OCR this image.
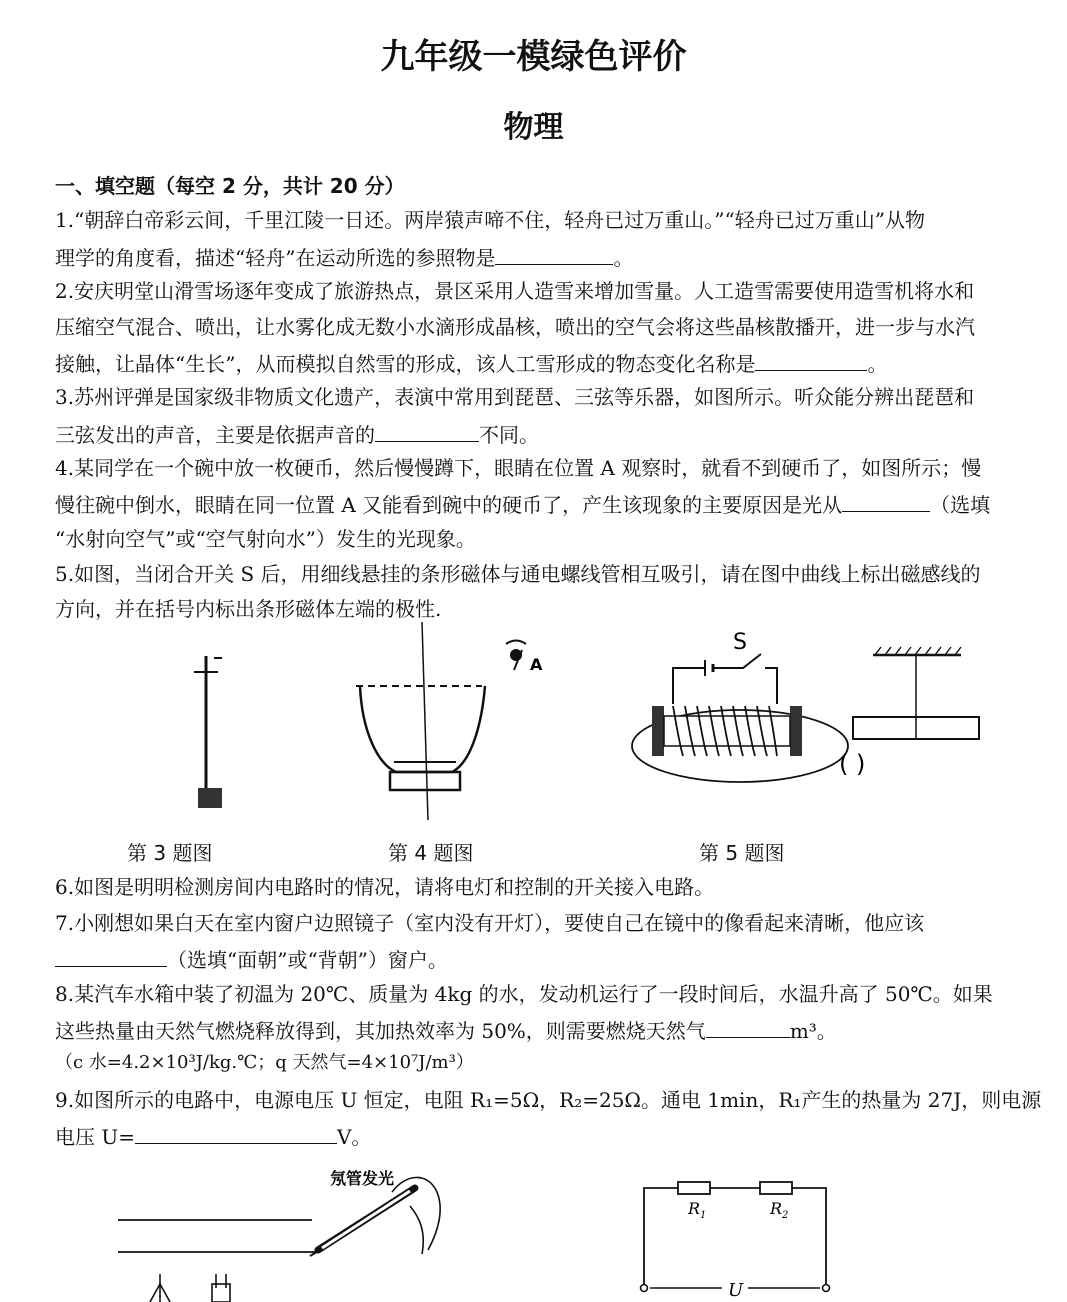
九年级一模绿色评价
物理
一、填空题（每空 2 分，共计 20 分）
1.“朝辞白帝彩云间，千里江陵一日还。两岸猿声啼不住，轻舟已过万重山。”“轻舟已过万重山”从物
理学的角度看，描述“轻舟”在运动所选的参照物是	。
2.安庆明堂山滑雪场逐年变成了旅游热点，景区采用人造雪来增加雪量。人工造雪需要使用造雪机将水和
压缩空气混合、喷出，让水雾化成无数小水滴形成晶核，喷出的空气会将这些晶核散播开，进一步与水汽
接触，让晶体“生长”，从而模拟自然雪的形成，该人工雪形成的物态变化名称是	。
3.苏州评弹是国家级非物质文化遗产，表演中常用到琵琶、三弦等乐器，如图所示。听众能分辨出琵琶和
三弦发出的声音，主要是依据声音的	不同。
4.某同学在一个碗中放一枚硬币，然后慢慢蹲下，眼睛在位置 A 观察时，就看不到硬币了，如图所示；慢
慢往碗中倒水，眼睛在同一位置 A 又能看到碗中的硬币了，产生该现象的主要原因是光从	（选填
“水射向空气”或“空气射向水”）发生的光现象。
5.如图，当闭合开关 S 后，用细线悬挂的条形磁体与通电螺线管相互吸引，请在图中曲线上标出磁感线的
方向，并在括号内标出条形磁体左端的极性.
A
S
( )
第 3 题图	第 4 题图	第 5 题图
6.如图是明明检测房间内电路时的情况，请将电灯和控制的开关接入电路。
7.小刚想如果白天在室内窗户边照镜子（室内没有开灯），要使自己在镜中的像看起来清晰，他应该
（选填“面朝”或“背朝”）窗户。
8.某汽车水箱中装了初温为 20℃、质量为 4kg 的水，发动机运行了一段时间后，水温升高了 50℃。如果
这些热量由天然气燃烧释放得到，其加热效率为 50%，则需要燃烧天然气	m³。
（c 水=4.2×10³J/kg.℃；q 天然气=4×10⁷J/m³）
9.如图所示的电路中，电源电压 U 恒定，电阻 R₁=5Ω，R₂=25Ω。通电 1min，R₁产生的热量为 27J，则电源
电压 U=	V。
氖管发光
$R_1$	$R_2$
U
